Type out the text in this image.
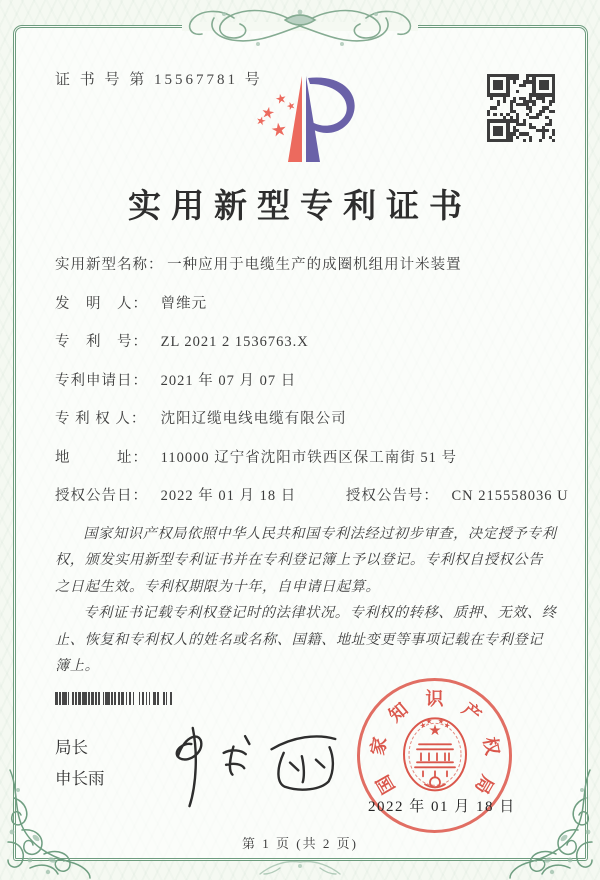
证 书 号 第 15567781 号
实用新型专利证书
实用新型名称： 一种应用于电缆生产的成圈机组用计米装置
发　明　人： 曾维元
专　利　号： ZL 2021 2 1536763.X
专利申请日： 2021 年 07 月 07 日
专 利 权 人： 沈阳辽缆电线电缆有限公司
地　　　址： 110000 辽宁省沈阳市铁西区保工南街 51 号
授权公告日： 2022 年 01 月 18 日	授权公告号： CN 215558036 U

国家知识产权局依照中华人民共和国专利法经过初步审查，决定授予专利权，颁发实用新型专利证书并在专利登记簿上予以登记。专利权自授权公告之日起生效。专利权期限为十年，自申请日起算。

专利证书记载专利权登记时的法律状况。专利权的转移、质押、无效、终止、恢复和专利权人的姓名或名称、国籍、地址变更等事项记载在专利登记簿上。

局长
申长雨	国
家
知 识 产
权
局
2022 年 01 月 18 日
第 1 页 (共 2 页)
